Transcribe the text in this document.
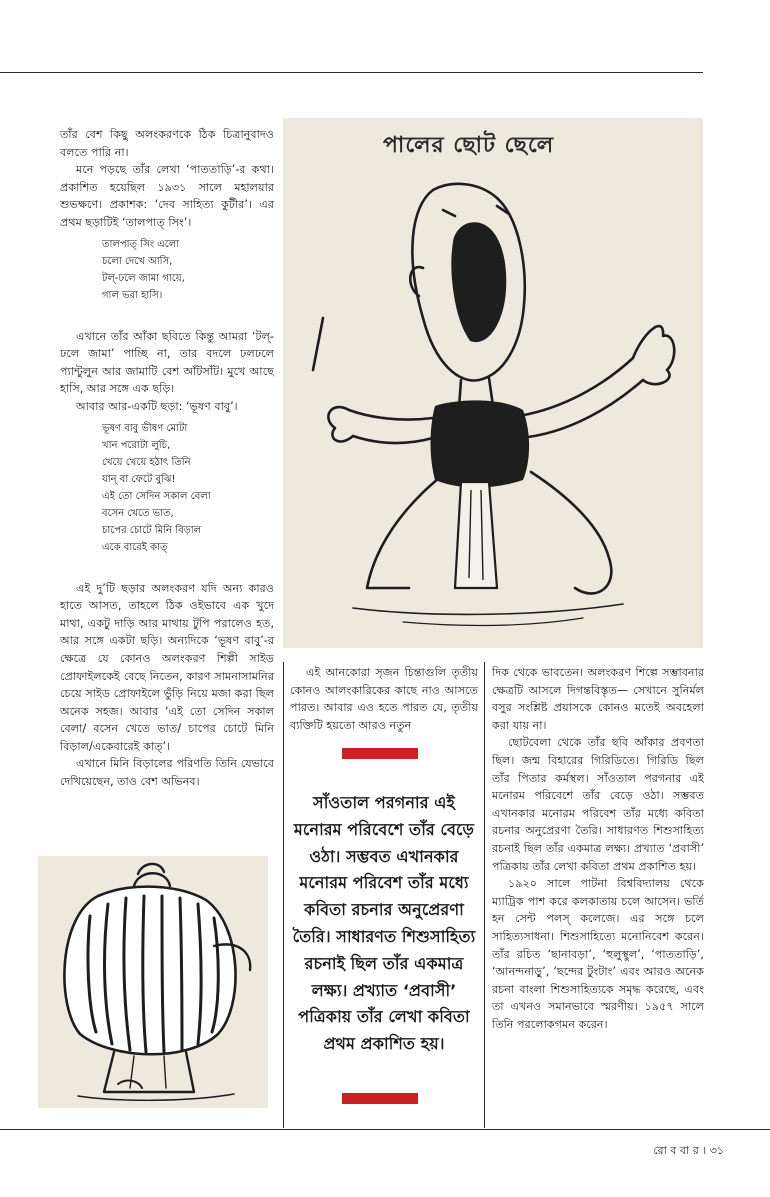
তাঁর বেশ কিছু অলংকরণকে ঠিক চিত্রানুবাদও বলতে পারি না।

মনে পড়ছে তাঁর লেখা ‘পাততাড়ি’-র কথা। প্রকাশিত হয়েছিল ১৯৩১ সালে মহালয়ার শুভক্ষণে। প্রকাশক: ‘দেব সাহিত্য কুটীর’। এর প্রথম ছড়াটিই ‘তালপাত্ সিং’।

তালপাত্ সিং এলো
চলো দেখে আসি,
টল্-ঢলে জামা গায়ে,
গাল ভরা হাসি।

এখানে তাঁর আঁকা ছবিতে কিন্তু আমরা ‘টল্-ঢলে জামা’ পাচ্ছি না, তার বদলে ঢলঢলে প্যান্টুলুন আর জামাটি বেশ আঁটসাঁট। মুখে আছে হাসি, আর সঙ্গে এক ছড়ি।

আবার আর-একটি ছড়া: ‘ভূষণ বাবু’।

ভূষণ বাবু ভীষণ মোটা
খান পরোটা লুচি,
খেয়ে খেয়ে হঠাৎ তিনি
যান্ বা ফেটে বুঝি!
এই তো সেদিন সকাল বেলা
বসেন খেতে ভাত,
চাপের চোটে মিনি বিড়াল
একে বারেই কাত্

এই দু’টি ছড়ার অলংকরণ যদি অন্য কারও হাতে আসত, তাহলে ঠিক ওইভাবে এক খুদে মাথা, একটু দাড়ি আর মাথায় টুপি পরালেও হত, আর সঙ্গে একটা ছড়ি। অন্যদিকে ‘ভূষণ বাবু’-র ক্ষেত্রে যে কোনও অলংকরণ শিল্পী সাইড প্রোফাইলকেই বেছে নিতেন, কারণ সামনাসামনির চেয়ে সাইড প্রোফাইলে ভুঁড়ি নিয়ে মজা করা ছিল অনেক সহজ। আবার ‘এই তো সেদিন সকাল বেলা/ বসেন খেতে ভাত/ চাপের চোটে মিনি বিড়াল/একেবারেই কাত্’।

এখানে মিনি বিড়ালের পরিণতি তিনি যেভাবে দেখিয়েছেন, তাও বেশ অভিনব।

পালের ছোট ছেলে

এই আনকোরা সৃজন চিন্তাগুলি তৃতীয় কোনও আলংকারিকের কাছে নাও আসতে পারত। আবার এও হতে পারত যে, তৃতীয় ব্যক্তিটি হয়তো আরও নতুন

সাঁওতাল পরগনার এই মনোরম পরিবেশে তাঁর বেড়ে ওঠা। সম্ভবত এখানকার মনোরম পরিবেশ তাঁর মধ্যে কবিতা রচনার অনুপ্রেরণা তৈরি। সাধারণত শিশুসাহিত্য রচনাই ছিল তাঁর একমাত্র লক্ষ্য। প্রখ্যাত ‘প্রবাসী’ পত্রিকায় তাঁর লেখা কবিতা প্রথম প্রকাশিত হয়।

দিক থেকে ভাবতেন। অলংকরণ শিল্পে সম্ভাবনার ক্ষেত্রটি আসলে দিগন্তবিস্তৃত— সেখানে সুনির্মল বসুর সংশ্লিষ্ট প্রয়াসকে কোনও মতেই অবহেলা করা যায় না।

ছোটবেলা থেকে তাঁর ছবি আঁকার প্রবণতা ছিল। জন্ম বিহারের গিরিডিতে। গিরিডি ছিল তাঁর পিতার কর্মস্থল। সাঁওতাল পরগনার এই মনোরম পরিবেশে তাঁর বেড়ে ওঠা। সম্ভবত এখানকার মনোরম পরিবেশ তাঁর মধ্যে কবিতা রচনার অনুপ্রেরণা তৈরি। সাধারণত শিশুসাহিত্য রচনাই ছিল তাঁর একমাত্র লক্ষ্য। প্রখ্যাত ‘প্রবাসী’ পত্রিকায় তাঁর লেখা কবিতা প্রথম প্রকাশিত হয়।

১৯২০ সালে পাটনা বিশ্ববিদ্যালয় থেকে ম্যাট্রিক পাশ করে কলকাতায় চলে আসেন। ভর্তি হন সেন্ট পলস্ কলেজে। এর সঙ্গে চলে সাহিত্যসাধনা। শিশুসাহিত্যে মনোনিবেশ করেন। তাঁর রচিত ‘ছানাবড়া’, ‘হুলুস্থুল’, ‘পাততাড়ি’, ‘আনন্দনাড়ু’, ‘ছন্দের টুংটাং’ এবং আরও অনেক রচনা বাংলা শিশুসাহিত্যকে সমৃদ্ধ করেছে, এবং তা এখনও সমানভাবে স্মরণীয়। ১৯৫৭ সালে তিনি পরলোকগমন করেন।

রো ব বা র । ৩১
